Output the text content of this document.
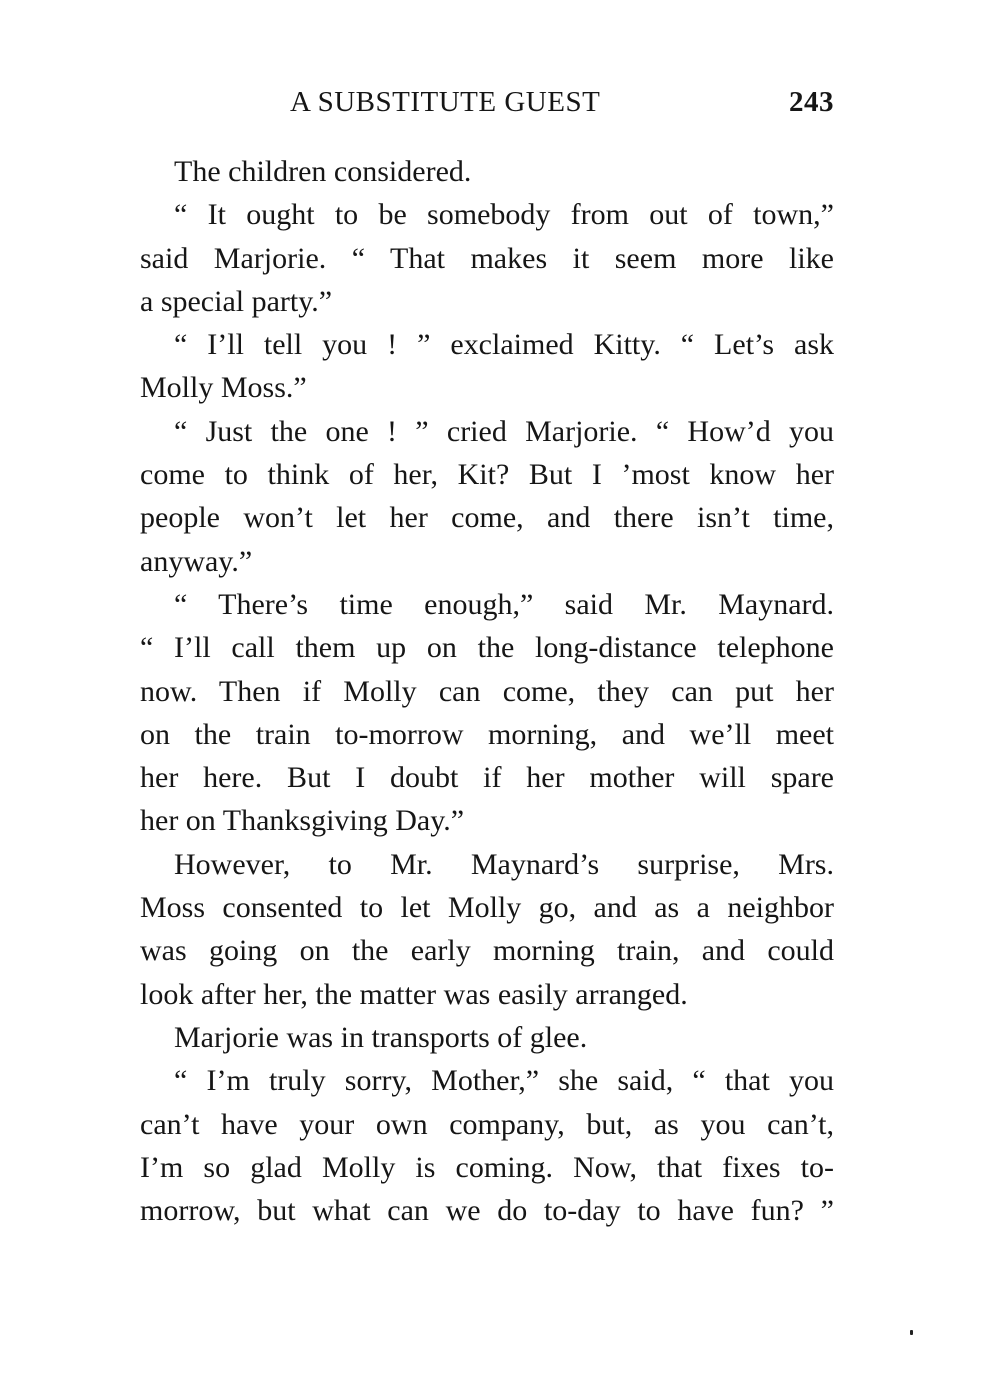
A SUBSTITUTE GUEST	243
The children considered.
“ It ought to be somebody from out of town,”
said Marjorie. “ That makes it seem more like
a special party.”
“ I’ll tell you ! ” exclaimed Kitty. “ Let’s ask
Molly Moss.”
“ Just the one ! ” cried Marjorie. “ How’d you
come to think of her, Kit? But I ’most know her
people won’t let her come, and there isn’t time,
anyway.”
“ There’s time enough,” said Mr. Maynard.
“ I’ll call them up on the long-distance telephone
now. Then if Molly can come, they can put her
on the train to-morrow morning, and we’ll meet
her here. But I doubt if her mother will spare
her on Thanksgiving Day.”
However, to Mr. Maynard’s surprise, Mrs.
Moss consented to let Molly go, and as a neighbor
was going on the early morning train, and could
look after her, the matter was easily arranged.
Marjorie was in transports of glee.
“ I’m truly sorry, Mother,” she said, “ that you
can’t have your own company, but, as you can’t,
I’m so glad Molly is coming. Now, that fixes to-
morrow, but what can we do to-day to have fun? ”
